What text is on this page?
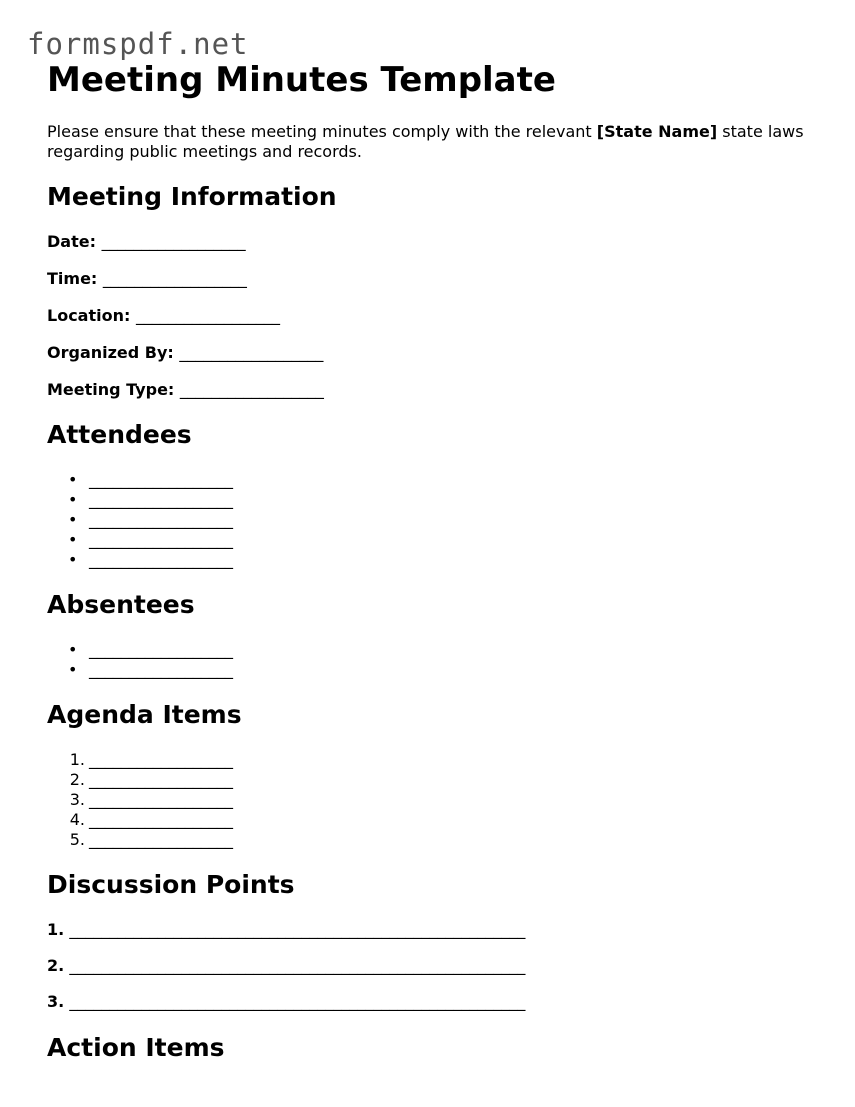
formspdf.net
Meeting Minutes Template

Please ensure that these meeting minutes comply with the relevant [State Name] state laws regarding public meetings and records.

Meeting Information

Date: __________________

Time: __________________

Location: __________________

Organized By: __________________

Meeting Type: __________________

Attendees
• __________________
• __________________
• __________________
• __________________
• __________________
Absentees
• __________________
• __________________
Agenda Items
1. __________________
2. __________________
3. __________________
4. __________________
5. __________________
Discussion Points

1. _________________________________________________________

2. _________________________________________________________

3. _________________________________________________________

Action Items
